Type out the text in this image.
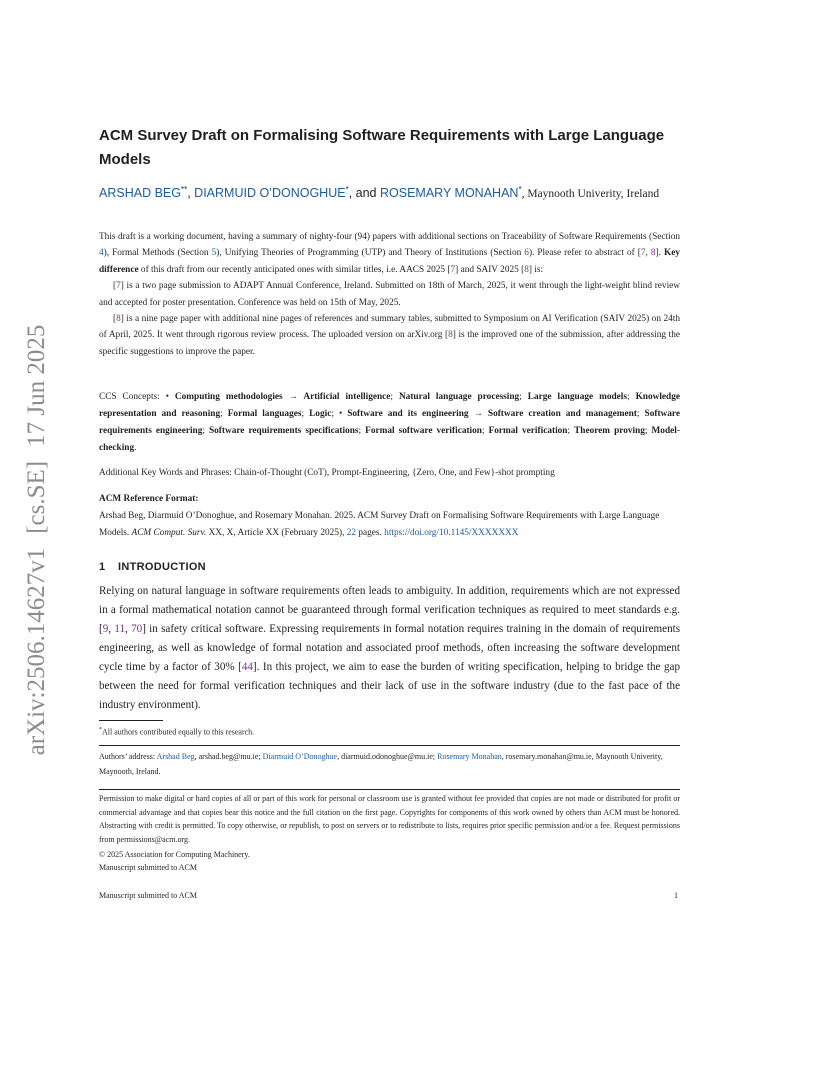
arXiv:2506.14627v1[cs.SE]17 Jun 2025
ACM Survey Draft on Formalising Software Requirements with Large Language Models
ARSHAD BEG**, DIARMUID O’DONOGHUE*, and ROSEMARY MONAHAN*, Maynooth Univerity, Ireland

This draft is a working document, having a summary of nighty-four (94) papers with additional sections on Traceability of Software Requirements (Section 4), Formal Methods (Section 5), Unifying Theories of Programming (UTP) and Theory of Institutions (Section 6). Please refer to abstract of [7, 8]. Key difference of this draft from our recently anticipated ones with similar titles, i.e. AACS 2025 [7] and SAIV 2025 [8] is:

[7] is a two page submission to ADAPT Annual Conference, Ireland. Submitted on 18th of March, 2025, it went through the light-weight blind review and accepted for poster presentation. Conference was held on 15th of May, 2025.

[8] is a nine page paper with additional nine pages of references and summary tables, submitted to Symposium on AI Verification (SAIV 2025) on 24th of April, 2025. It went through rigorous review process. The uploaded version on arXiv.org [8] is the improved one of the submission, after addressing the specific suggestions to improve the paper.

CCS Concepts: • Computing methodologies → Artificial intelligence; Natural language processing; Large language models; Knowledge representation and reasoning; Formal languages; Logic; • Software and its engineering → Software creation and management; Software requirements engineering; Software requirements specifications; Formal software verification; Formal verification; Theorem proving; Model-checking.
Additional Key Words and Phrases: Chain-of-Thought (CoT), Prompt-Engineering, {Zero, One, and Few}-shot prompting
ACM Reference Format:
Arshad Beg, Diarmuid O’Donoghue, and Rosemary Monahan. 2025. ACM Survey Draft on Formalising Software Requirements with Large Language Models. ACM Comput. Surv. XX, X, Article XX (February 2025), 22 pages. https://doi.org/10.1145/XXXXXXX
1 INTRODUCTION
Relying on natural language in software requirements often leads to ambiguity. In addition, requirements which are not expressed in a formal mathematical notation cannot be guaranteed through formal verification techniques as required to meet standards e.g. [9, 11, 70] in safety critical software. Expressing requirements in formal notation requires training in the domain of requirements engineering, as well as knowledge of formal notation and associated proof methods, often increasing the software development cycle time by a factor of 30% [44]. In this project, we aim to ease the burden of writing specification, helping to bridge the gap between the need for formal verification techniques and their lack of use in the software industry (due to the fast pace of the industry environment).
*All authors contributed equally to this research.
Authors’ address: Arshad Beg, arshad.beg@mu.ie; Diarmuid O’Donoghue, diarmuid.odonoghue@mu.ie; Rosemary Monahan, rosemary.monahan@mu.ie, Maynooth Univerity, Maynooth, Ireland.
Permission to make digital or hard copies of all or part of this work for personal or classroom use is granted without fee provided that copies are not made or distributed for profit or commercial advantage and that copies bear this notice and the full citation on the first page. Copyrights for components of this work owned by others than ACM must be honored. Abstracting with credit is permitted. To copy otherwise, or republish, to post on servers or to redistribute to lists, requires prior specific permission and/or a fee. Request permissions from permissions@acm.org.
© 2025 Association for Computing Machinery.
Manuscript submitted to ACM
Manuscript submitted to ACM	1
